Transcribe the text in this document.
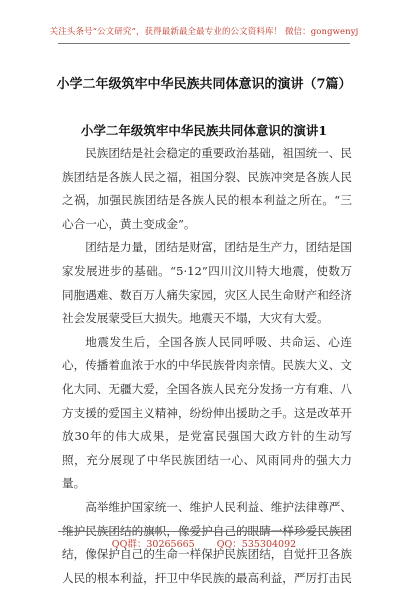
关注头条号“公文研究”，获得最新最全最专业的公文资料库！ 微信：gongwenyj
小学二年级筑牢中华民族共同体意识的演讲（7篇）
小学二年级筑牢中华民族共同体意识的演讲1

民族团结是社会稳定的重要政治基础，祖国统一、民族团结是各族人民之福，祖国分裂、民族冲突是各族人民之祸，加强民族团结是各族人民的根本利益之所在。“三心合一心，黄土变成金”。

团结是力量，团结是财富，团结是生产力，团结是国家发展进步的基础。“5·12”四川汶川特大地震，使数万同胞遇难、数百万人痛失家园，灾区人民生命财产和经济社会发展蒙受巨大损失。地震天不塌，大灾有大爱。

地震发生后，全国各族人民同呼吸、共命运、心连心，传播着血浓于水的中华民族骨肉亲情。民族大义、文化大同、无疆大爱，全国各族人民充分发扬一方有难、八方支援的爱国主义精神，纷纷伸出援助之手。这是改革开放30年的伟大成果，是党富民强国大政方针的生动写照，充分展现了中华民族团结一心、风雨同舟的强大力量。

高举维护国家统一、维护人民利益、维护法律尊严、维护民族团结的旗帜，像爱护自己的眼睛一样珍爱民族团结，像保护自己的生命一样保护民族团结，自觉扞卫各族人民的根本利益，扞卫中华民族的最高利益，严厉打击民

QQ群：30265665 QQ：535304092
